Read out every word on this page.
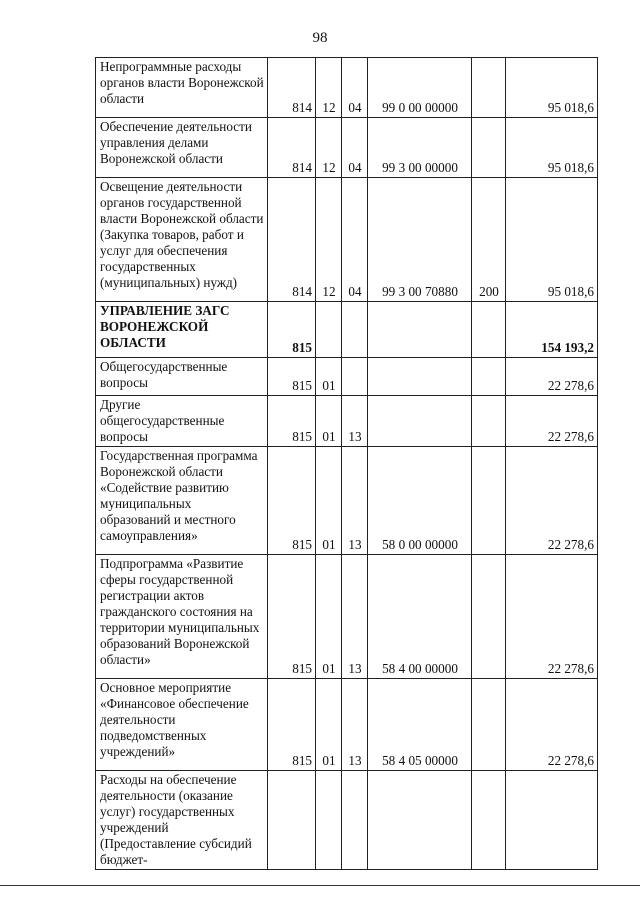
98
Непрограммные расходы органов власти Воронежской области	814	12	04	99 0 00 00000		95 018,6
Обеспечение деятельности управления делами Воронежской области	814	12	04	99 3 00 00000		95 018,6
Освещение деятельности органов государственной власти Воронежской области (Закупка товаров, работ и услуг для обеспечения государственных (муниципальных) нужд)	814	12	04	99 3 00 70880	200	95 018,6
УПРАВЛЕНИЕ ЗАГС ВОРОНЕЖСКОЙ ОБЛАСТИ	815					154 193,2
Общегосударственные вопросы	815	01				22 278,6
Другие общегосударственные вопросы	815	01	13			22 278,6
Государственная программа Воронежской области «Содействие развитию муниципальных образований и местного самоуправления»	815	01	13	58 0 00 00000		22 278,6
Подпрограмма «Развитие сферы государственной регистрации актов гражданского состояния на территории муниципальных образований Воронежской области»	815	01	13	58 4 00 00000		22 278,6
Основное мероприятие «Финансовое обеспечение деятельности подведомственных учреждений»	815	01	13	58 4 05 00000		22 278,6
Расходы на обеспечение деятельности (оказание услуг) государственных учреждений (Предоставление субсидий бюджет-						
